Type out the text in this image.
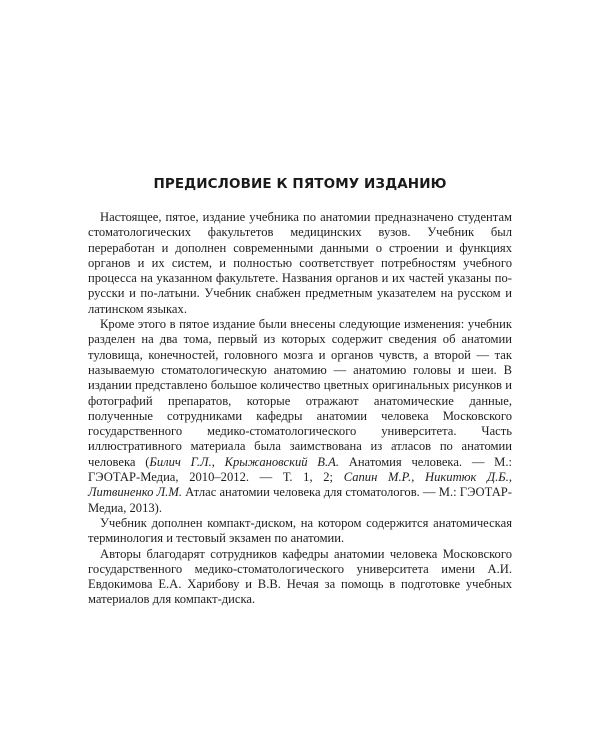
ПРЕДИСЛОВИЕ К ПЯТОМУ ИЗДАНИЮ

Настоящее, пятое, издание учебника по анатомии предназначено студентам стоматологических факультетов медицинских вузов. Учебник был переработан и дополнен современными данными о строении и функциях органов и их систем, и полностью соответствует потребностям учебного процесса на указанном факультете. Названия органов и их частей указаны по-русски и по-латыни. Учебник снабжен предметным указателем на русском и латинском языках.

Кроме этого в пятое издание были внесены следующие изменения: учебник разделен на два тома, первый из которых содержит сведения об анатомии туловища, конечностей, головного мозга и органов чувств, а второй — так называемую стоматологическую анатомию — анатомию головы и шеи. В издании представлено большое количество цветных оригинальных рисунков и фотографий препаратов, которые отражают анатомические данные, полученные сотрудниками кафедры анатомии человека Московского государственного медико-стоматологического университета. Часть иллюстративного материала была заимствована из атласов по анатомии человека (Билич Г.Л., Крыжановский В.А. Анатомия человека. — М.: ГЭОТАР-Медиа, 2010–2012. — Т. 1, 2; Сапин М.Р., Никитюк Д.Б., Литвиненко Л.М. Атлас анатомии человека для стоматологов. — М.: ГЭОТАР-Медиа, 2013).

Учебник дополнен компакт-диском, на котором содержится анатомическая терминология и тестовый экзамен по анатомии.

Авторы благодарят сотрудников кафедры анатомии человека Московского государственного медико-стоматологического университета имени А.И. Евдокимова Е.А. Харибову и В.В. Нечая за помощь в подготовке учебных материалов для компакт-диска.
